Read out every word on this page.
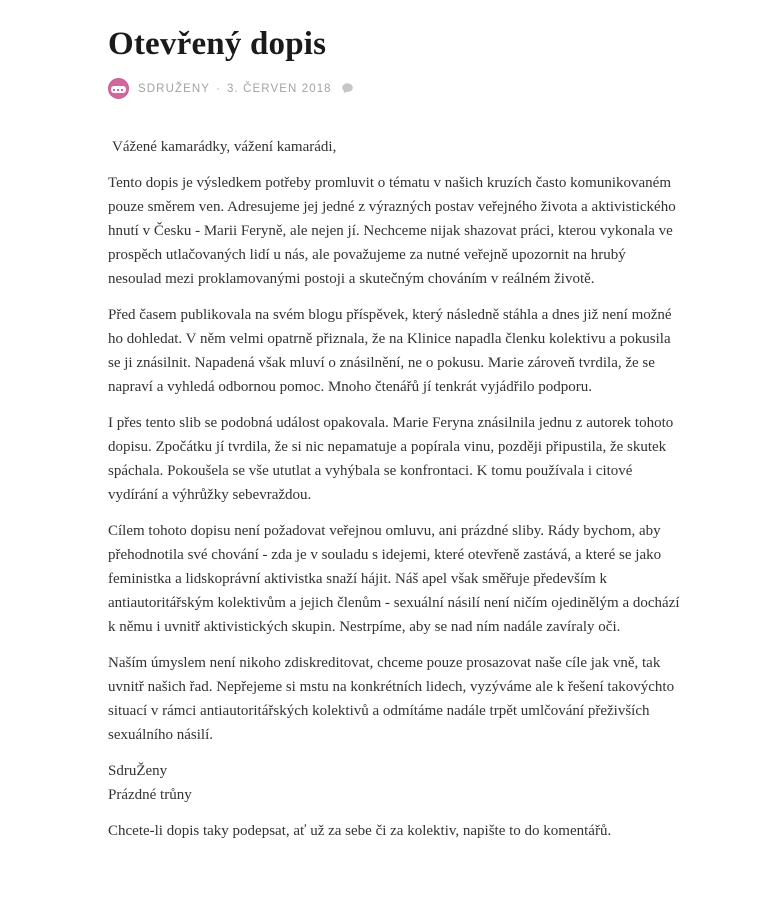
Otevřený dopis
SDRUŽENY · 3. ČERVEN 2018

Vážené kamarádky, vážení kamarádi,

Tento dopis je výsledkem potřeby promluvit o tématu v našich kruzích často komunikovaném pouze směrem ven. Adresujeme jej jedné z výrazných postav veřejného života a aktivistického hnutí v Česku - Marii Feryně, ale nejen jí. Nechceme nijak shazovat práci, kterou vykonala ve prospěch utlačovaných lidí u nás, ale považujeme za nutné veřejně upozornit na hrubý nesoulad mezi proklamovanými postoji a skutečným chováním v reálném životě.

Před časem publikovala na svém blogu příspěvek, který následně stáhla a dnes již není možné ho dohledat. V něm velmi opatrně přiznala, že na Klinice napadla členku kolektivu a pokusila se ji znásilnit. Napadená však mluví o znásilnění, ne o pokusu. Marie zároveň tvrdila, že se napraví a vyhledá odbornou pomoc. Mnoho čtenářů jí tenkrát vyjádřilo podporu.

I přes tento slib se podobná událost opakovala. Marie Feryna znásilnila jednu z autorek tohoto dopisu. Zpočátku jí tvrdila, že si nic nepamatuje a popírala vinu, později připustila, že skutek spáchala. Pokoušela se vše ututlat a vyhýbala se konfrontaci. K tomu používala i citové vydírání a výhrůžky sebevraždou.

Cílem tohoto dopisu není požadovat veřejnou omluvu, ani prázdné sliby. Rády bychom, aby přehodnotila své chování - zda je v souladu s idejemi, které otevřeně zastává, a které se jako feministka a lidskoprávní aktivistka snaží hájit. Náš apel však směřuje především k antiautoritářským kolektivům a jejich členům - sexuální násilí není ničím ojedinělým a dochází k němu i uvnitř aktivistických skupin. Nestrpíme, aby se nad ním nadále zavíraly oči.

Naším úmyslem není nikoho zdiskreditovat, chceme pouze prosazovat naše cíle jak vně, tak uvnitř našich řad. Nepřejeme si mstu na konkrétních lidech, vyzýváme ale k řešení takovýchto situací v rámci antiautoritářských kolektivů a odmítáme nadále trpět umlčování přeživších sexuálního násilí.

SdruŽeny
Prázdné trůny

Chcete-li dopis taky podepsat, ať už za sebe či za kolektiv, napište to do komentářů.
